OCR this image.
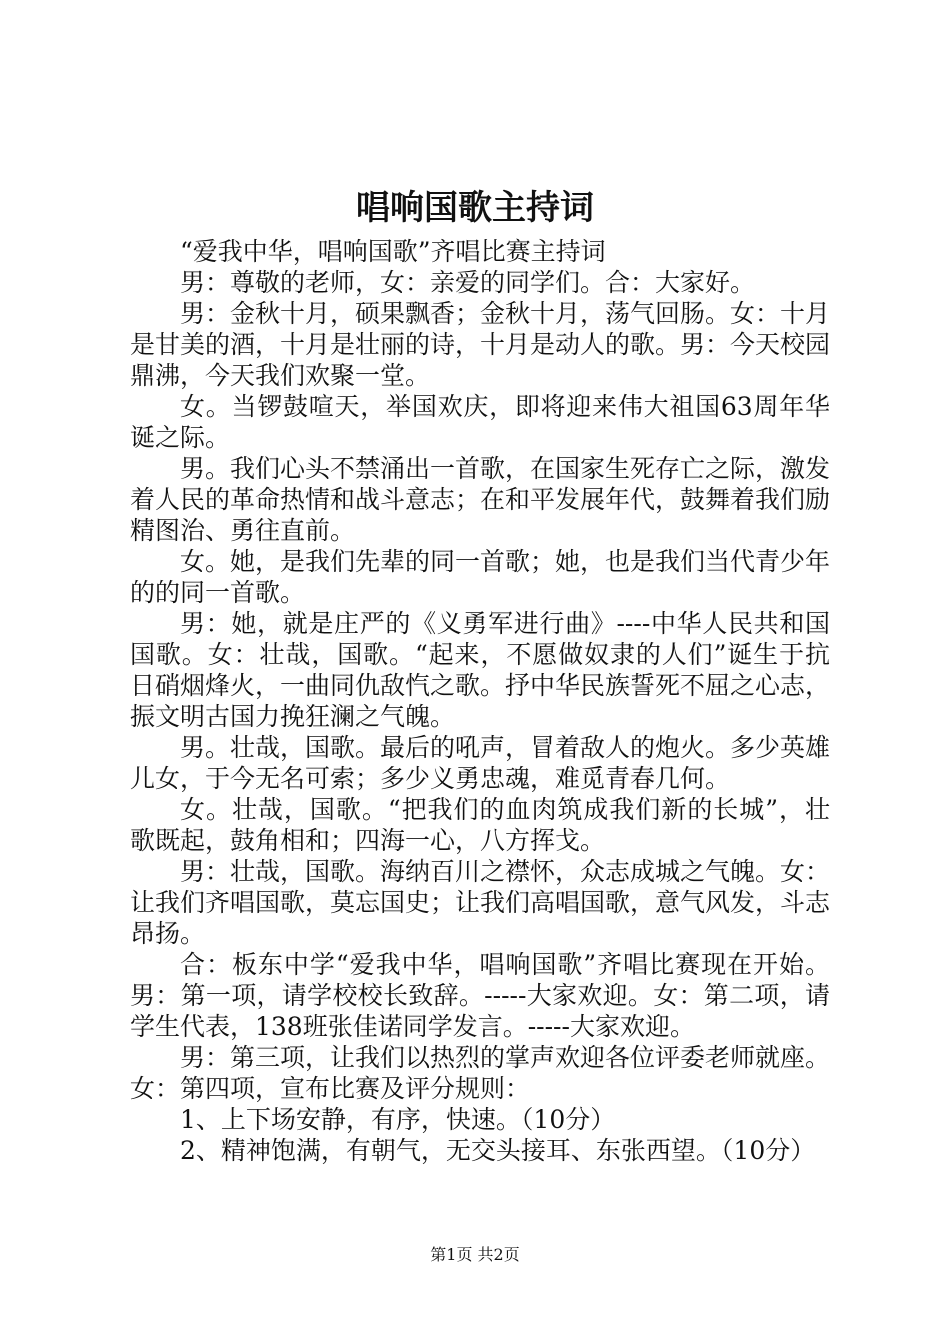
唱响国歌主持词

“爱我中华，唱响国歌”齐唱比赛主持词

男：尊敬的老师，女：亲爱的同学们。合：大家好。

男：金秋十月，硕果飘香；金秋十月，荡气回肠。女：十月是甘美的酒，十月是壮丽的诗，十月是动人的歌。男：今天校园鼎沸，今天我们欢聚一堂。

女。当锣鼓喧天，举国欢庆，即将迎来伟大祖国63周年华诞之际。

男。我们心头不禁涌出一首歌，在国家生死存亡之际，激发着人民的革命热情和战斗意志；在和平发展年代，鼓舞着我们励精图治、勇往直前。

女。她，是我们先辈的同一首歌；她，也是我们当代青少年的的同一首歌。

男：她，就是庄严的《义勇军进行曲》----中华人民共和国国歌。女：壮哉，国歌。“起来，不愿做奴隶的人们”诞生于抗日硝烟烽火，一曲同仇敌忾之歌。抒中华民族誓死不屈之心志，振文明古国力挽狂澜之气魄。

男。壮哉，国歌。最后的吼声，冒着敌人的炮火。多少英雄儿女，于今无名可索；多少义勇忠魂，难觅青春几何。

女。壮哉，国歌。“把我们的血肉筑成我们新的长城”，壮歌既起，鼓角相和；四海一心，八方挥戈。

男：壮哉，国歌。海纳百川之襟怀，众志成城之气魄。女：让我们齐唱国歌，莫忘国史；让我们高唱国歌，意气风发，斗志昂扬。

合：板东中学“爱我中华，唱响国歌”齐唱比赛现在开始。男：第一项，请学校校长致辞。-----大家欢迎。女：第二项，请学生代表，138班张佳诺同学发言。-----大家欢迎。

男：第三项，让我们以热烈的掌声欢迎各位评委老师就座。女：第四项，宣布比赛及评分规则：

1、上下场安静，有序，快速。（10分）

2、精神饱满，有朝气，无交头接耳、东张西望。（10分）

第1页 共2页
